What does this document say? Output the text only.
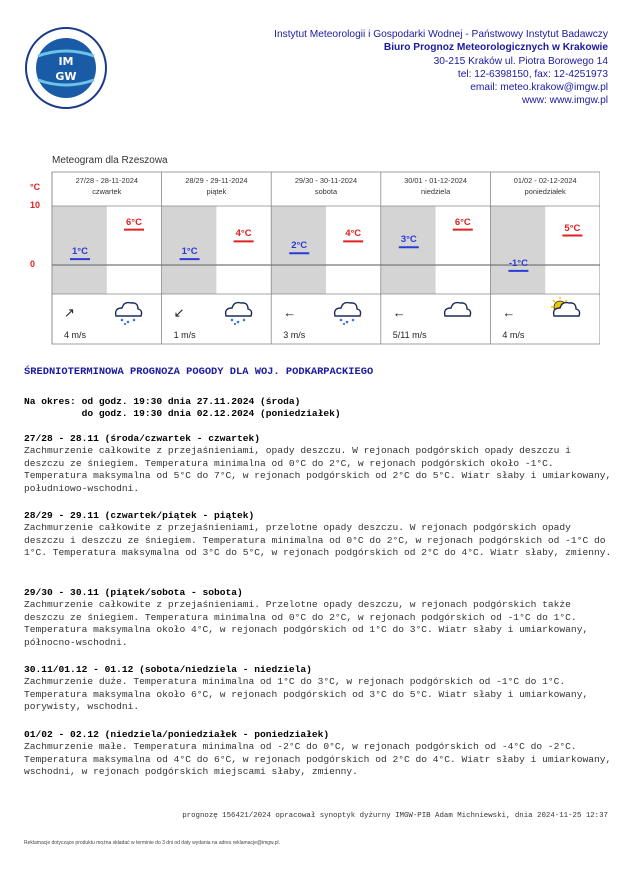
IM
GW
Instytut Meteorologii i Gospodarki Wodnej - Państwowy Instytut Badawczy
Biuro Prognoz Meteorologicznych w Krakowie
30-215 Kraków ul. Piotra Borowego 14
tel: 12-6398150, fax: 12-4251973
email: meteo.krakow@imgw.pl
www: www.imgw.pl
Meteogram dla Rzeszowa
°C
10
0
27/28 - 28-11-2024
czwartek
1°C
6°C
↗
4 m/s
28/29 - 29-11-2024
piątek
1°C
4°C
↙
1 m/s
29/30 - 30-11-2024
sobota
2°C
4°C
←
3 m/s
30/01 - 01-12-2024
niedziela
3°C
6°C
←
5/11 m/s
01/02 - 02-12-2024
poniedziałek
-1°C
5°C
←
4 m/s
ŚREDNIOTERMINOWA PROGNOZA POGODY DLA WOJ. PODKARPACKIEGO
Na okres: od godz. 19:30 dnia 27.11.2024 (środa)
do godz. 19:30 dnia 02.12.2024 (poniedziałek)
27/28 - 28.11 (środa/czwartek - czwartek)
Zachmurzenie całkowite z przejaśnieniami, opady deszczu. W rejonach podgórskich opady deszczu i deszczu ze śniegiem. Temperatura minimalna od 0°C do 2°C, w rejonach podgórskich około -1°C. Temperatura maksymalna od 5°C do 7°C, w rejonach podgórskich od 2°C do 5°C. Wiatr słaby i umiarkowany, południowo-wschodni.
28/29 - 29.11 (czwartek/piątek - piątek)
Zachmurzenie całkowite z przejaśnieniami, przelotne opady deszczu. W rejonach podgórskich opady deszczu i deszczu ze śniegiem. Temperatura minimalna od 0°C do 2°C, w rejonach podgórskich od -1°C do 1°C. Temperatura maksymalna od 3°C do 5°C, w rejonach podgórskich od 2°C do 4°C. Wiatr słaby, zmienny.
29/30 - 30.11 (piątek/sobota - sobota)
Zachmurzenie całkowite z przejaśnieniami. Przelotne opady deszczu, w rejonach podgórskich także deszczu ze śniegiem. Temperatura minimalna od 0°C do 2°C, w rejonach podgórskich od -1°C do 1°C. Temperatura maksymalna około 4°C, w rejonach podgórskich od 1°C do 3°C. Wiatr słaby i umiarkowany, północno-wschodni.
30.11/01.12 - 01.12 (sobota/niedziela - niedziela)
Zachmurzenie duże. Temperatura minimalna od 1°C do 3°C, w rejonach podgórskich od -1°C do 1°C. Temperatura maksymalna około 6°C, w rejonach podgórskich od 3°C do 5°C. Wiatr słaby i umiarkowany, porywisty, wschodni.
01/02 - 02.12 (niedziela/poniedziałek - poniedziałek)
Zachmurzenie małe. Temperatura minimalna od -2°C do 0°C, w rejonach podgórskich od -4°C do -2°C. Temperatura maksymalna od 4°C do 6°C, w rejonach podgórskich od 2°C do 4°C. Wiatr słaby i umiarkowany, wschodni, w rejonach podgórskich miejscami słaby, zmienny.
prognozę 156421/2024 opracował synoptyk dyżurny IMGW-PIB Adam Michniewski, dnia 2024-11-25 12:37
Reklamacje dotyczące produktu można składać w terminie do 3 dni od daty wydania na adres reklamacje@imgw.pl.
